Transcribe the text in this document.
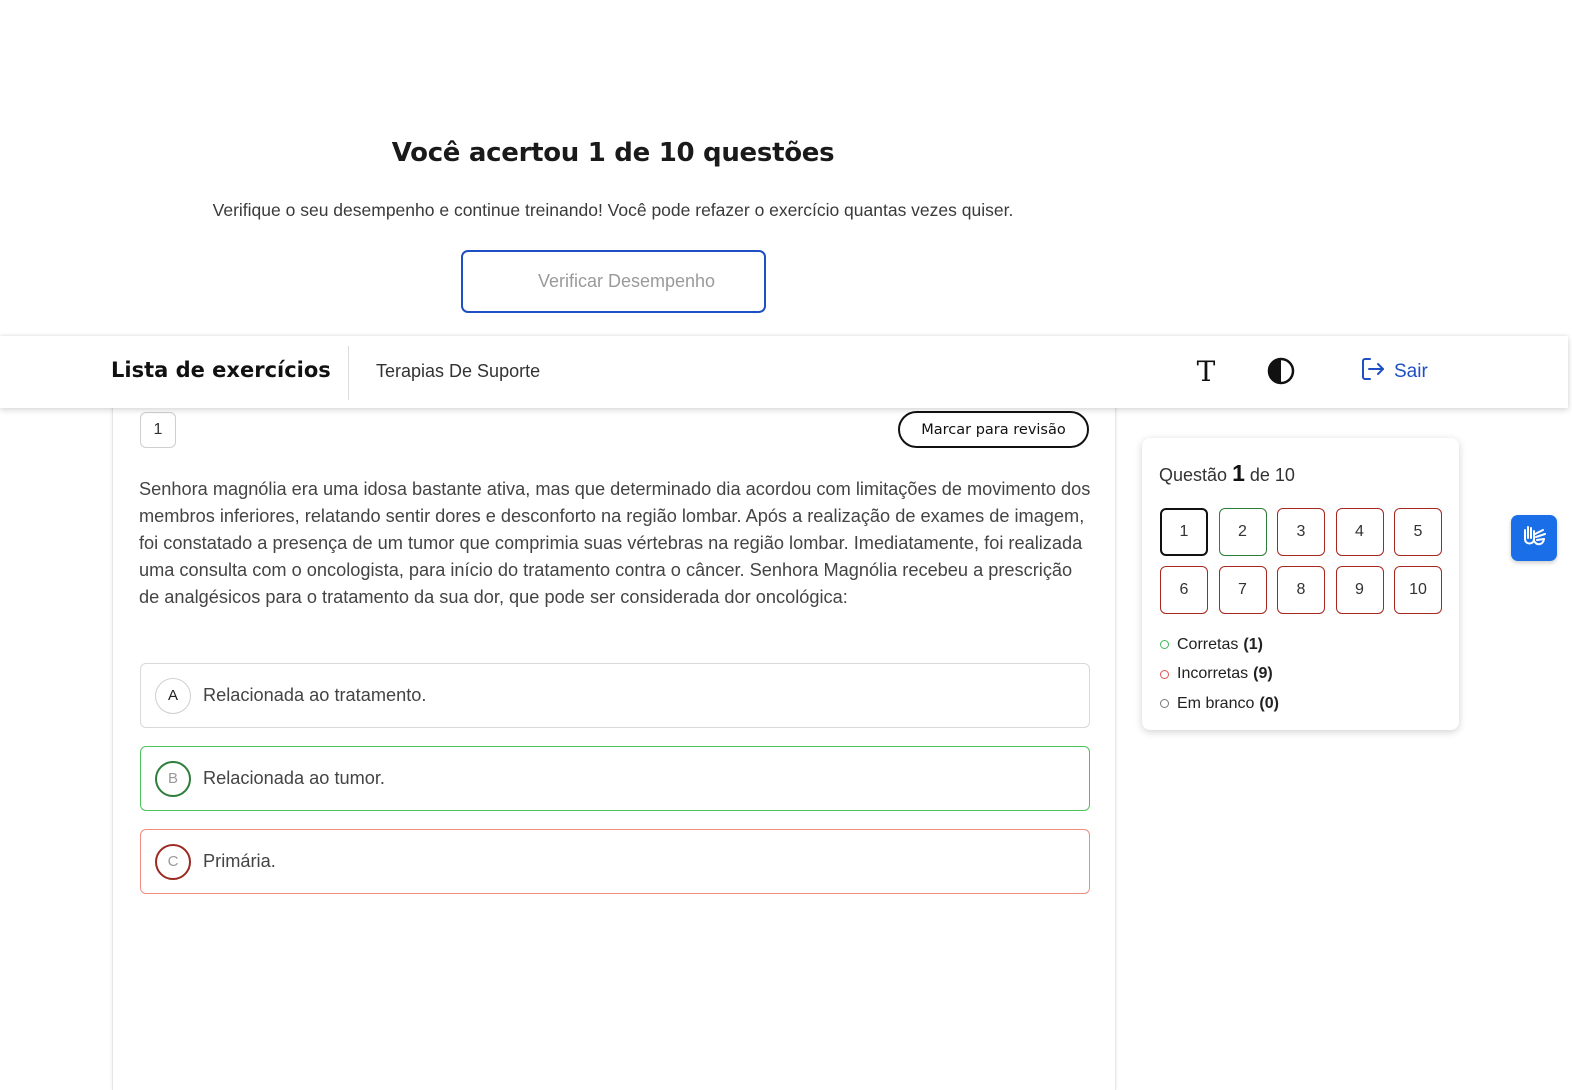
Você acertou 1 de 10 questões
Verifique o seu desempenho e continue treinando! Você pode refazer o exercício quantas vezes quiser.
Verificar Desempenho
Lista de exercícios	Terapias De Suporte	T	Sair
1	Marcar para revisão
Senhora magnólia era uma idosa bastante ativa, mas que determinado dia acordou com limitações de movimento dos membros inferiores, relatando sentir dores e desconforto na região lombar. Após a realização de exames de imagem, foi constatado a presença de um tumor que comprimia suas vértebras na região lombar. Imediatamente, foi realizada uma consulta com o oncologista, para início do tratamento contra o câncer. Senhora Magnólia recebeu a prescrição de analgésicos para o tratamento da sua dor, que pode ser considerada dor oncológica:
A	Relacionada ao tratamento.
B	Relacionada ao tumor.
C	Primária.
Questão 1 de 10
1	2	3	4	5
6	7	8	9	10
Corretas (1)
Incorretas (9)
Em branco (0)
